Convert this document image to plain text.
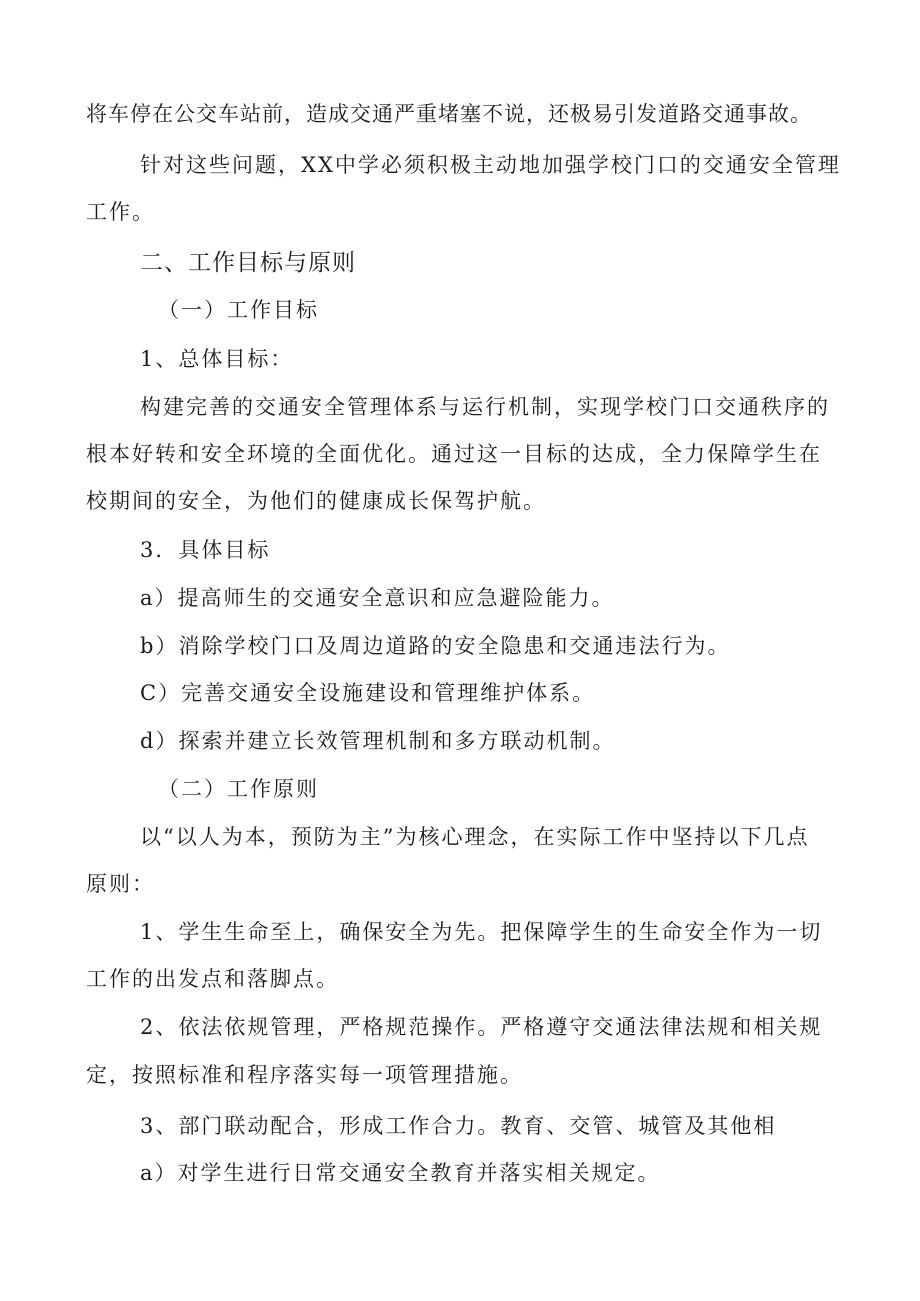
将车停在公交车站前，造成交通严重堵塞不说，还极易引发道路交通事故。
针对这些问题，XX中学必须积极主动地加强学校门口的交通安全管理
工作。
二、工作目标与原则
（一）工作目标
1、总体目标：
构建完善的交通安全管理体系与运行机制，实现学校门口交通秩序的
根本好转和安全环境的全面优化。通过这一目标的达成，全力保障学生在
校期间的安全，为他们的健康成长保驾护航。
3．具体目标
a）提高师生的交通安全意识和应急避险能力。
b）消除学校门口及周边道路的安全隐患和交通违法行为。
C）完善交通安全设施建设和管理维护体系。
d）探索并建立长效管理机制和多方联动机制。
（二）工作原则
以“以人为本，预防为主”为核心理念，在实际工作中坚持以下几点
原则：
1、学生生命至上，确保安全为先。把保障学生的生命安全作为一切
工作的出发点和落脚点。
2、依法依规管理，严格规范操作。严格遵守交通法律法规和相关规
定，按照标准和程序落实每一项管理措施。
3、部门联动配合，形成工作合力。教育、交管、城管及其他相
a）对学生进行日常交通安全教育并落实相关规定。
